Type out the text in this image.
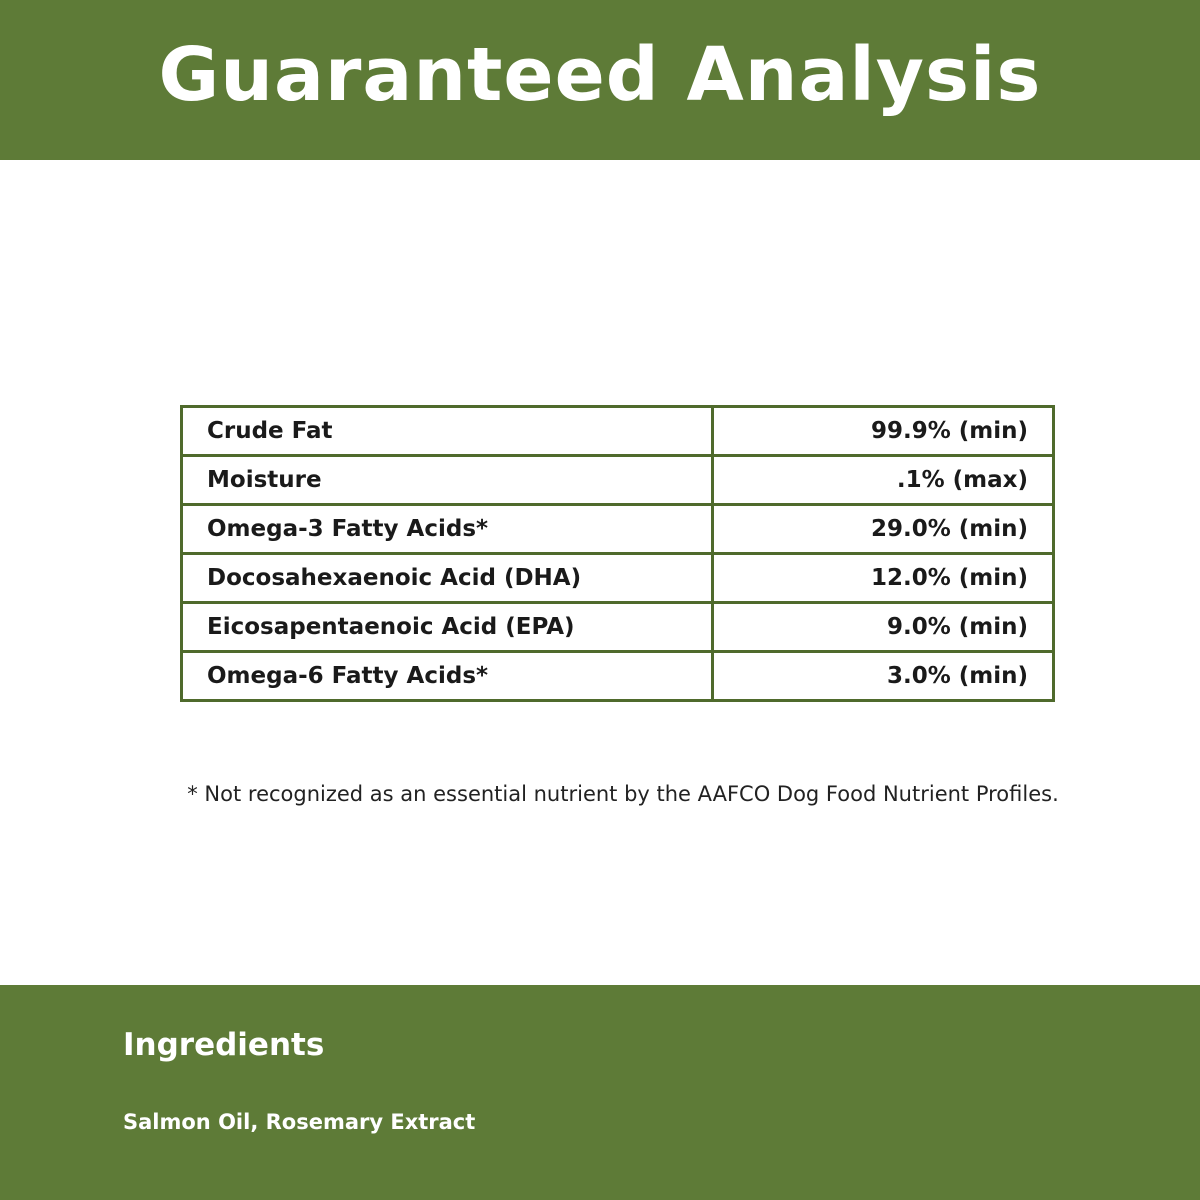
Guaranteed Analysis
Crude Fat	99.9% (min)
Moisture	.1% (max)
Omega-3 Fatty Acids*	29.0% (min)
Docosahexaenoic Acid (DHA)	12.0% (min)
Eicosapentaenoic Acid (EPA)	9.0% (min)
Omega-6 Fatty Acids*	3.0% (min)
* Not recognized as an essential nutrient by the AAFCO Dog Food Nutrient Profiles.
Ingredients
Salmon Oil, Rosemary Extract
